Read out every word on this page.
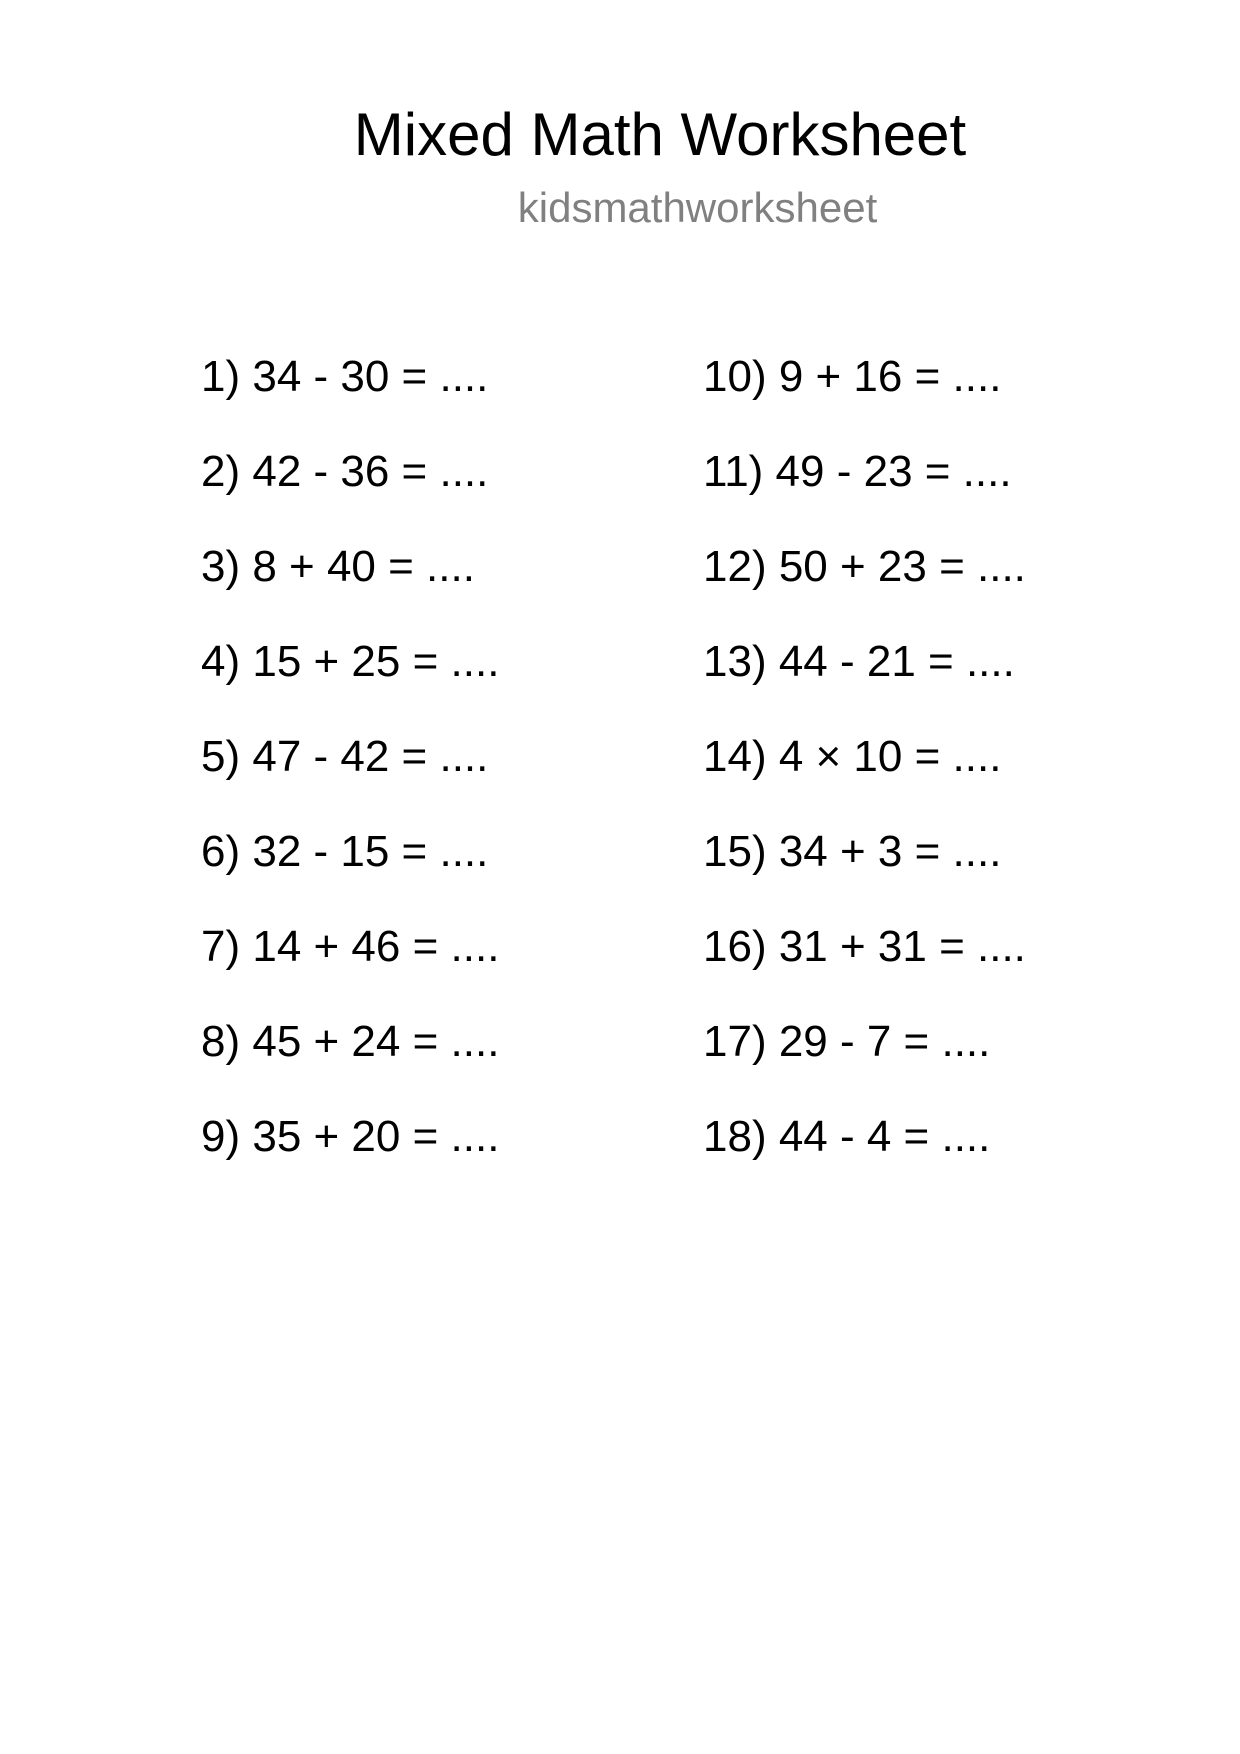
Mixed Math Worksheet
kidsmathworksheet
1) 34 - 30 = ....
2) 42 - 36 = ....
3) 8 + 40 = ....
4) 15 + 25 = ....
5) 47 - 42 = ....
6) 32 - 15 = ....
7) 14 + 46 = ....
8) 45 + 24 = ....
9) 35 + 20 = ....
10) 9 + 16 = ....
11) 49 - 23 = ....
12) 50 + 23 = ....
13) 44 - 21 = ....
14) 4 × 10 = ....
15) 34 + 3 = ....
16) 31 + 31 = ....
17) 29 - 7 = ....
18) 44 - 4 = ....
